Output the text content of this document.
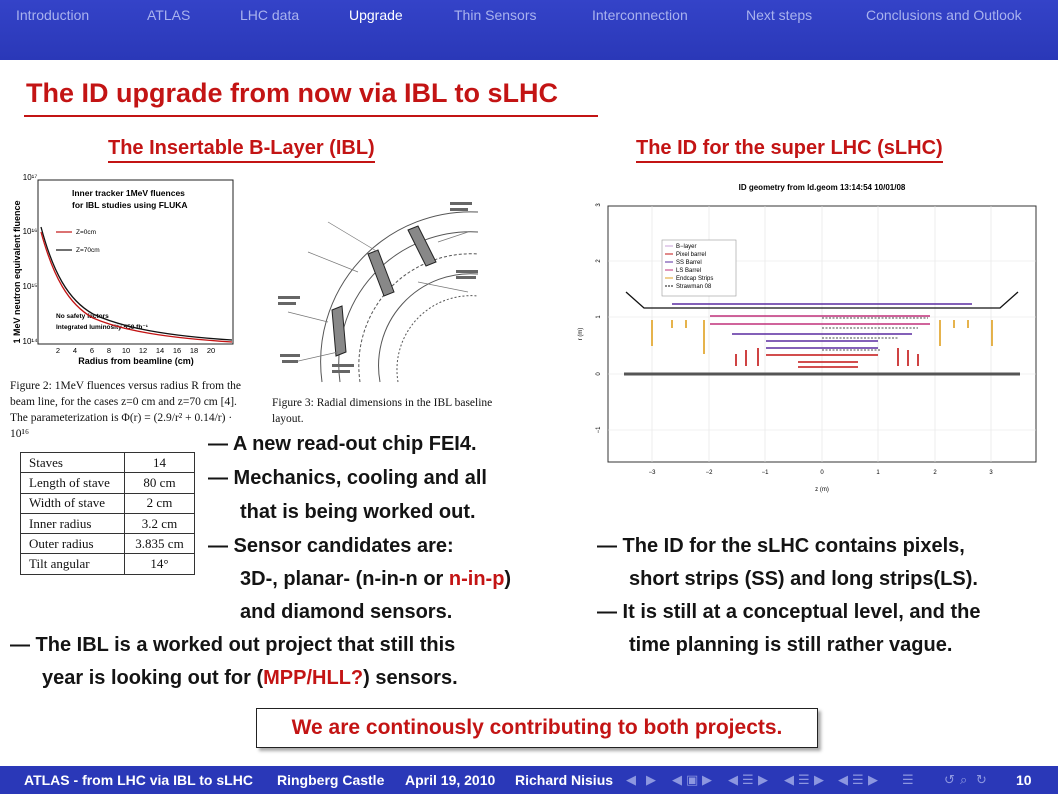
Introduction	ATLAS	LHC data	Upgrade	Thin Sensors	Interconnection	Next steps	Conclusions and Outlook
The ID upgrade from now via IBL to sLHC
The Insertable B-Layer (IBL)	The ID for the super LHC (sLHC)
1 MeV neutron equivalent fluence
10¹⁷
10¹⁶
10¹⁵
10¹⁴
2 4 6 8 10 12 14 16 18 20
Radius from beamline (cm)
Inner tracker 1MeV fluences
for IBL studies using FLUKA
Z=0cm
Z=70cm
No safety factors
Integrated luminosity 550 fb⁻¹
Figure 2: 1MeV fluences versus radius R from the
beam line, for the cases z=0 cm and z=70 cm [4].
The parameterization is Φ(r) = (2.9/r² + 0.14/r) · 10¹⁶
Figure 3: Radial dimensions in the IBL baseline
layout.
Staves	14
Length of stave	80 cm
Width of stave	2 cm
Inner radius	3.2 cm
Outer radius	3.835 cm
Tilt angular	14°
— A new read-out chip FEI4.
— Mechanics, cooling and all
that is being worked out.
— Sensor candidates are:
3D-, planar- (n-in-n or n-in-p)
and diamond sensors.
— The IBL is a worked out project that still this
year is looking out for (MPP/HLL?) sensors.
ID geometry from ld.geom 13:14:54 10/01/08
−1
0
1
2
3
−3	−2	−1	0	1	2	3
z (m)
r (m)
B−layer
Pixel barrel
SS Barrel
LS Barrel
Endcap Strips
Strawman 08
— The ID for the sLHC contains pixels,
short strips (SS) and long strips(LS).
— It is still at a conceptual level, and the
time planning is still rather vague.
We are continously contributing to both projects.
ATLAS - from LHC via IBL to sLHC Ringberg Castle April 19, 2010 Richard Nisius ◀ ▶ ◀ ▣ ▶ ◀ ☰ ▶ ◀ ☰ ▶ ◀ ☰ ▶ ☰ ↺ ⌕ ↻ 10
